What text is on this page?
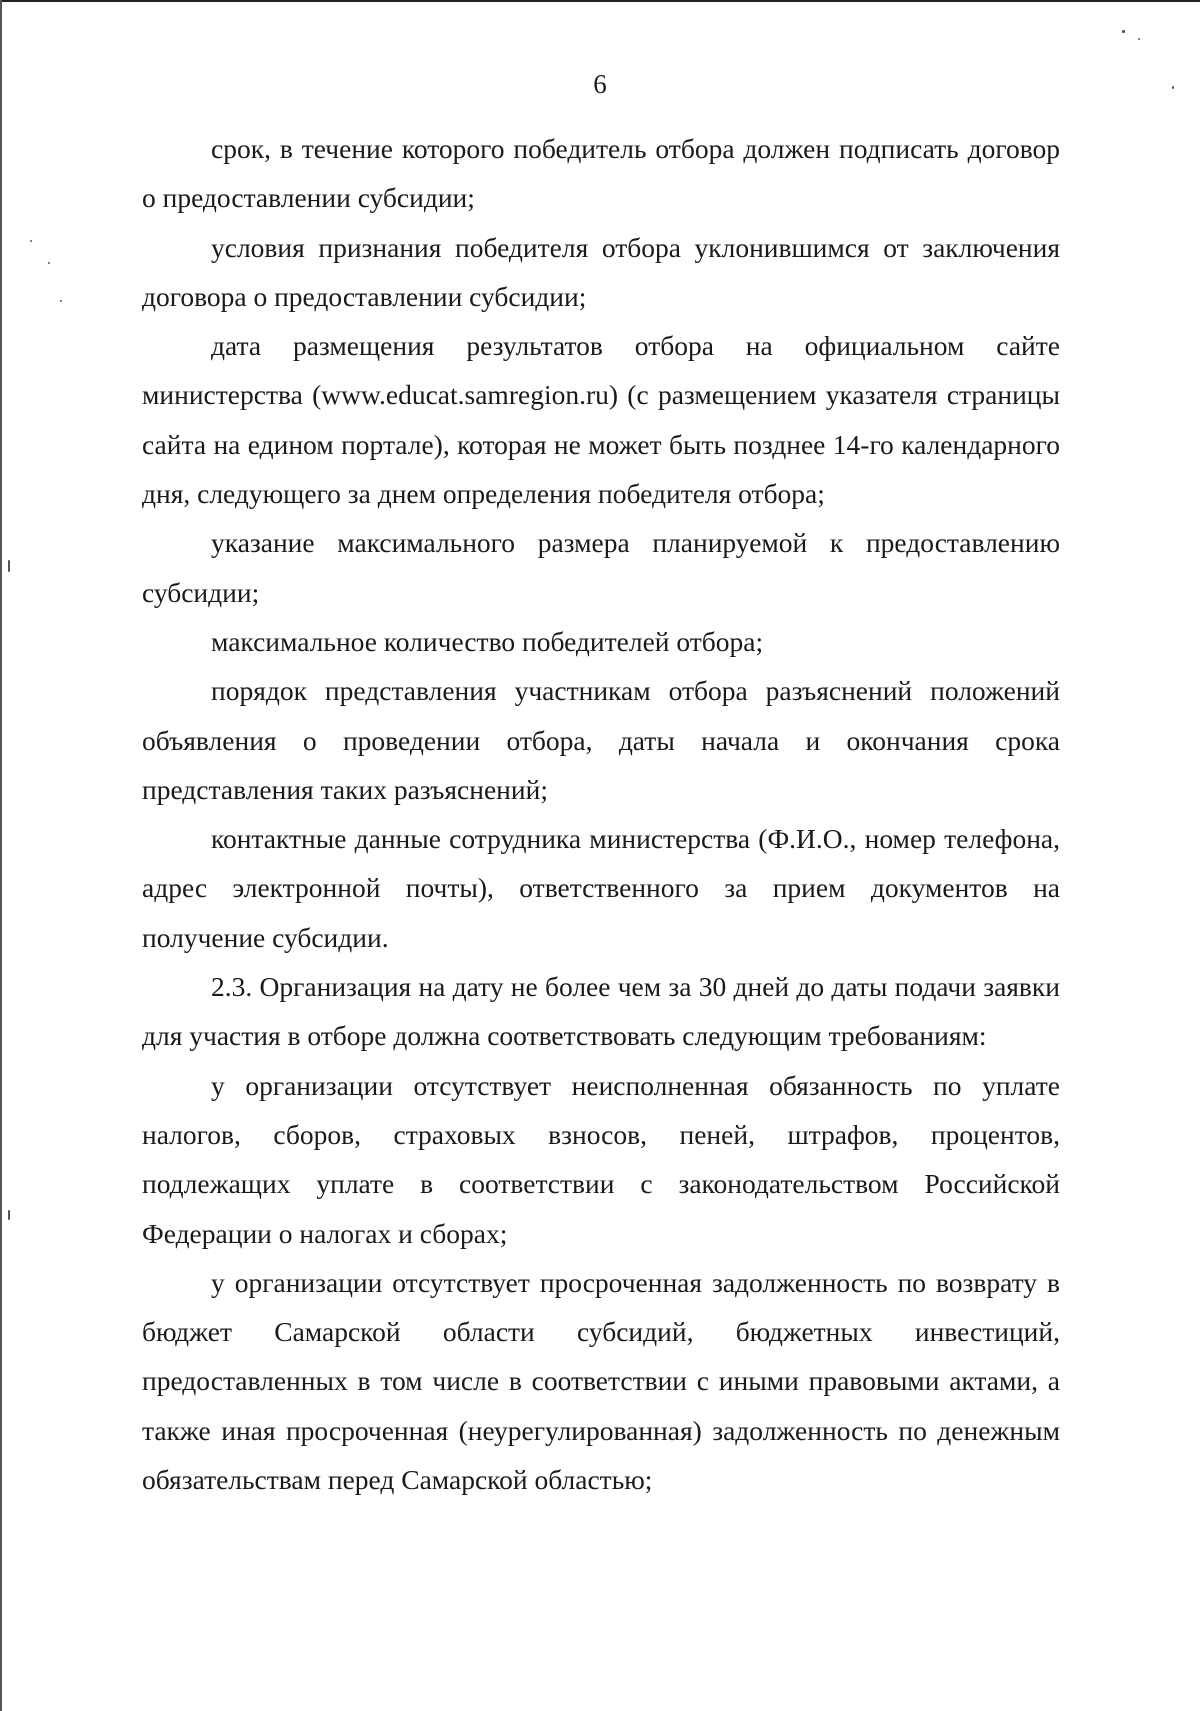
6

срок, в течение которого победитель отбора должен подписать договор о предоставлении субсидии;

условия признания победителя отбора уклонившимся от заключения договора о предоставлении субсидии;

дата размещения результатов отбора на официальном сайте министерства (www.educat.samregion.ru) (с размещением указателя страницы сайта на едином портале), которая не может быть позднее 14-го календарного дня, следующего за днем определения победителя отбора;

указание максимального размера планируемой к предоставлению субсидии;

максимальное количество победителей отбора;

порядок представления участникам отбора разъяснений положений объявления о проведении отбора, даты начала и окончания срока представления таких разъяснений;

контактные данные сотрудника министерства (Ф.И.О., номер телефона, адрес электронной почты), ответственного за прием документов на получение субсидии.

2.3. Организация на дату не более чем за 30 дней до даты подачи заявки для участия в отборе должна соответствовать следующим требованиям:

у организации отсутствует неисполненная обязанность по уплате налогов, сборов, страховых взносов, пеней, штрафов, процентов, подлежащих уплате в соответствии с законодательством Российской Федерации о налогах и сборах;

у организации отсутствует просроченная задолженность по возврату в бюджет Самарской области субсидий, бюджетных инвестиций, предоставленных в том числе в соответствии с иными правовыми актами, а также иная просроченная (неурегулированная) задолженность по денежным обязательствам перед Самарской областью;
